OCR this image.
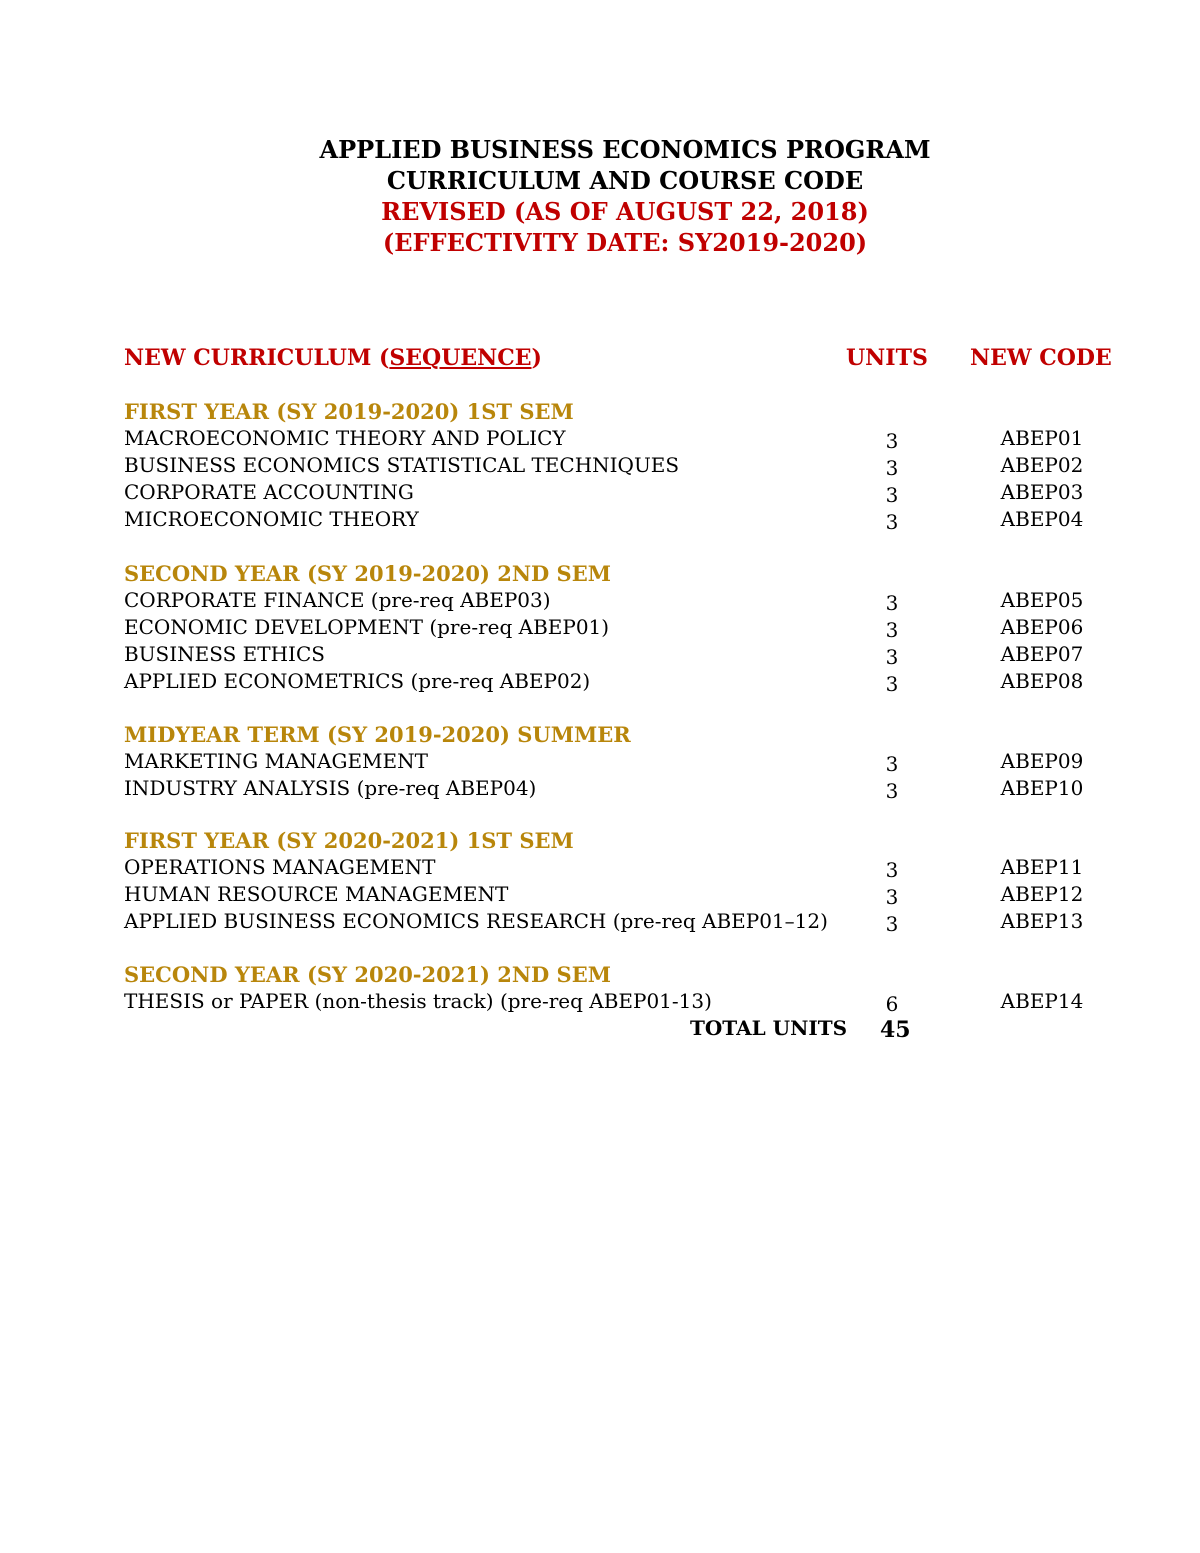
APPLIED BUSINESS ECONOMICS PROGRAM
CURRICULUM AND COURSE CODE
REVISED (AS OF AUGUST 22, 2018)
(EFFECTIVITY DATE: SY2019-2020)
NEW CURRICULUM (SEQUENCE)	UNITS NEW CODE
FIRST YEAR (SY 2019-2020) 1ST SEM
MACROECONOMIC THEORY AND POLICY	3	ABEP01
BUSINESS ECONOMICS STATISTICAL TECHNIQUES	3	ABEP02
CORPORATE ACCOUNTING	3	ABEP03
MICROECONOMIC THEORY	3	ABEP04
SECOND YEAR (SY 2019-2020) 2ND SEM
CORPORATE FINANCE (pre-req ABEP03)	3	ABEP05
ECONOMIC DEVELOPMENT (pre-req ABEP01)	3	ABEP06
BUSINESS ETHICS	3	ABEP07
APPLIED ECONOMETRICS (pre-req ABEP02)	3	ABEP08
MIDYEAR TERM (SY 2019-2020) SUMMER
MARKETING MANAGEMENT	3	ABEP09
INDUSTRY ANALYSIS (pre-req ABEP04)	3	ABEP10
FIRST YEAR (SY 2020-2021) 1ST SEM
OPERATIONS MANAGEMENT	3	ABEP11
HUMAN RESOURCE MANAGEMENT	3	ABEP12
APPLIED BUSINESS ECONOMICS RESEARCH (pre-req ABEP01–12)	3	ABEP13
SECOND YEAR (SY 2020-2021) 2ND SEM
THESIS or PAPER (non-thesis track) (pre-req ABEP01-13)	6	ABEP14
TOTAL UNITS 45
